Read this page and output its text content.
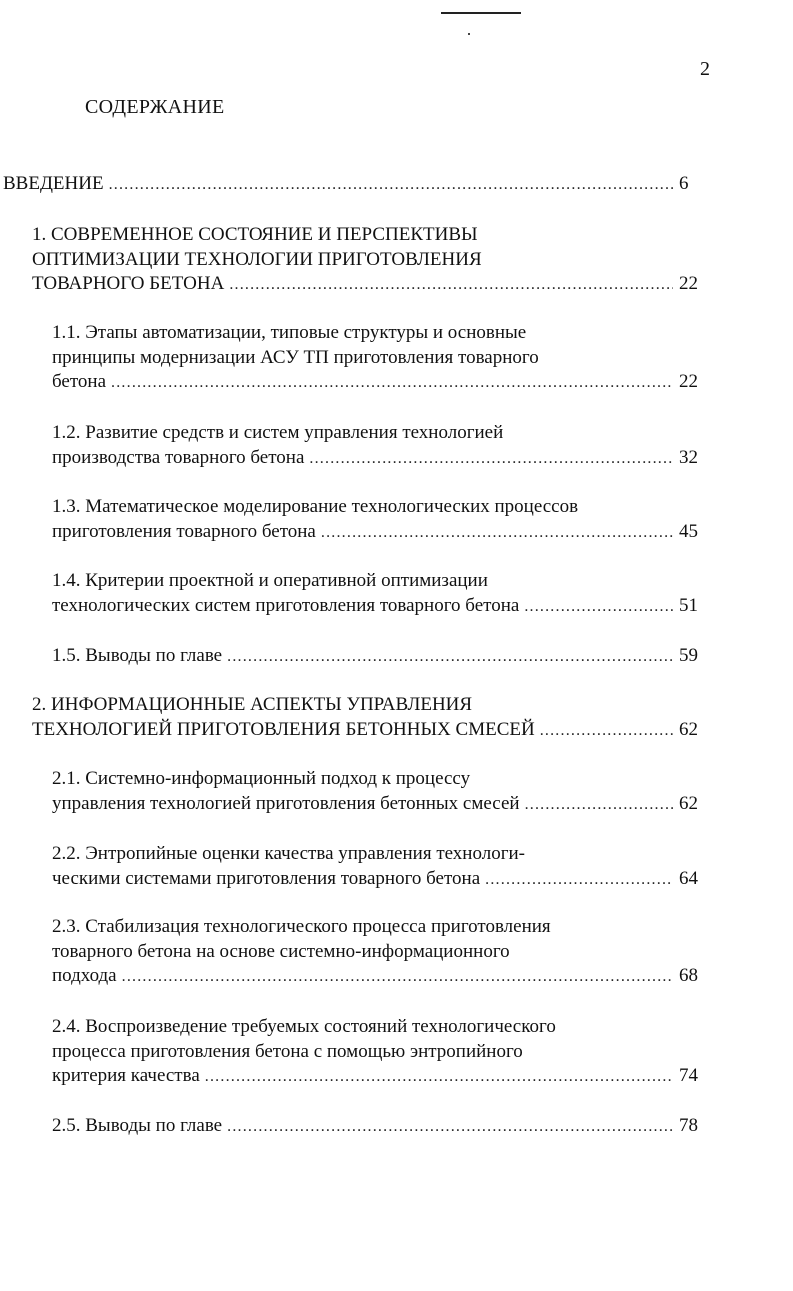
2
СОДЕРЖАНИЕ
ВВЕДЕНИЕ .....	6
1. СОВРЕМЕННОЕ СОСТОЯНИЕ И ПЕРСПЕКТИВЫ
ОПТИМИЗАЦИИ ТЕХНОЛОГИИ ПРИГОТОВЛЕНИЯ
ТОВАРНОГО БЕТОНА .....	22
1.1. Этапы автоматизации, типовые структуры и основные
принципы модернизации АСУ ТП приготовления товарного
бетона .....	22
1.2. Развитие средств и систем управления технологией
производства товарного бетона .....	32
1.3. Математическое моделирование технологических процессов
приготовления товарного бетона .....	45
1.4. Критерии проектной и оперативной оптимизации
технологических систем приготовления товарного бетона .....	51
1.5. Выводы по главе .....	59
2. ИНФОРМАЦИОННЫЕ АСПЕКТЫ УПРАВЛЕНИЯ
ТЕХНОЛОГИЕЙ ПРИГОТОВЛЕНИЯ БЕТОННЫХ СМЕСЕЙ .....	62
2.1. Системно-информационный подход к процессу
управления технологией приготовления бетонных смесей .....	62
2.2. Энтропийные оценки качества управления технологи-
ческими системами приготовления товарного бетона .....	64
2.3. Стабилизация технологического процесса приготовления
товарного бетона на основе системно-информационного
подхода .....	68
2.4. Воспроизведение требуемых состояний технологического
процесса приготовления бетона с помощью энтропийного
критерия качества .....	74
2.5. Выводы по главе .....	78
